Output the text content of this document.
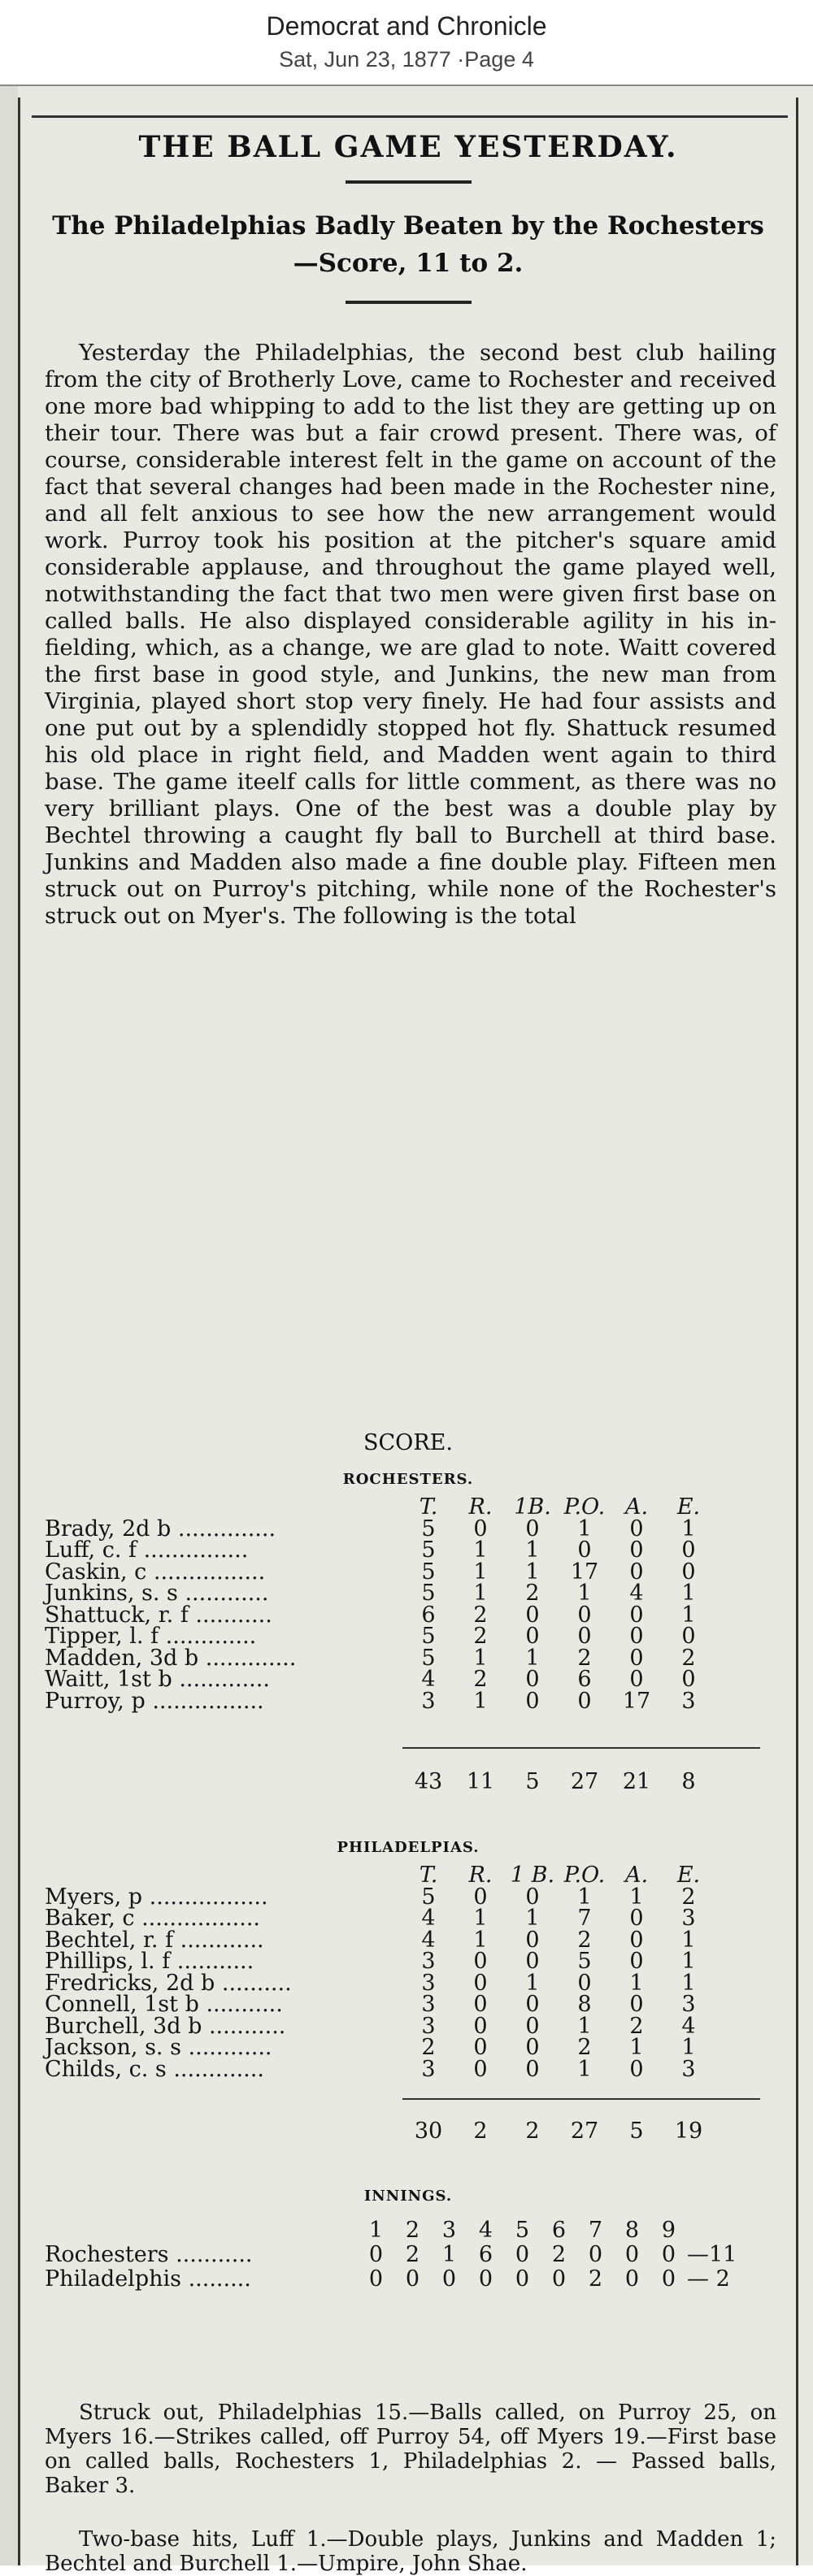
Democrat and Chronicle
Sat, Jun 23, 1877 ·Page 4
THE BALL GAME YESTERDAY.
The Philadelphias Badly Beaten by the Rochesters—Score, 11 to 2.
Yesterday the Philadelphias, the second best club hailing from the city of Brotherly Love, came to Rochester and received one more bad whipping to add to the list they are getting up on their tour. There was but a fair crowd present. There was, of course, considerable interest felt in the game on account of the fact that several changes had been made in the Rochester nine, and all felt anxious to see how the new arrangement would work. Purroy took his position at the pitcher's square amid considerable applause, and throughout the game played well, notwithstanding the fact that two men were given first base on called balls. He also displayed considerable agility in his in-fielding, which, as a change, we are glad to note. Waitt covered the first base in good style, and Junkins, the new man from Virginia, played short stop very finely. He had four assists and one put out by a splendidly stopped hot fly. Shattuck resumed his old place in right field, and Madden went again to third base. The game iteelf calls for little comment, as there was no very brilliant plays. One of the best was a double play by Bechtel throwing a caught fly ball to Burchell at third base. Junkins and Madden also made a fine double play. Fifteen men struck out on Purroy's pitching, while none of the Rochester's struck out on Myer's. The following is the total
SCORE.
ROCHESTERS.
	T.	R.	1B.	P.O.	A.	E.
Brady, 2d b ..............	5	0	0	1	0	1
Luff, c. f ...............	5	1	1	0	0	0
Caskin, c ................	5	1	1	17	0	0
Junkins, s. s ............	5	1	2	1	4	1
Shattuck, r. f ...........	6	2	0	0	0	1
Tipper, l. f .............	5	2	0	0	0	0
Madden, 3d b .............	5	1	1	2	0	2
Waitt, 1st b .............	4	2	0	6	0	0
Purroy, p ................	3	1	0	0	17	3
	43	11	5	27	21	8
PHILADELPIAS.
	T.	R.	1 B.	P.O.	A.	E.
Myers, p .................	5	0	0	1	1	2
Baker, c .................	4	1	1	7	0	3
Bechtel, r. f ............	4	1	0	2	0	1
Phillips, l. f ...........	3	0	0	5	0	1
Fredricks, 2d b ..........	3	0	1	0	1	1
Connell, 1st b ...........	3	0	0	8	0	3
Burchell, 3d b ...........	3	0	0	1	2	4
Jackson, s. s ............	2	0	0	2	1	1
Childs, c. s .............	3	0	0	1	0	3
	30	2	2	27	5	19
INNINGS.
	1	2	3	4	5	6	7	8	9	
Rochesters ...........	0	2	1	6	0	2	0	0	0	—11
Philadelphis .........	0	0	0	0	0	0	2	0	0	— 2
Struck out, Philadelphias 15.—Balls called, on Purroy 25, on Myers 16.—Strikes called, off Purroy 54, off Myers 19.—First base on called balls, Rochesters 1, Philadelphias 2. — Passed balls, Baker 3.
Two-base hits, Luff 1.—Double plays, Junkins and Madden 1; Bechtel and Burchell 1.—Umpire, John Shae.
